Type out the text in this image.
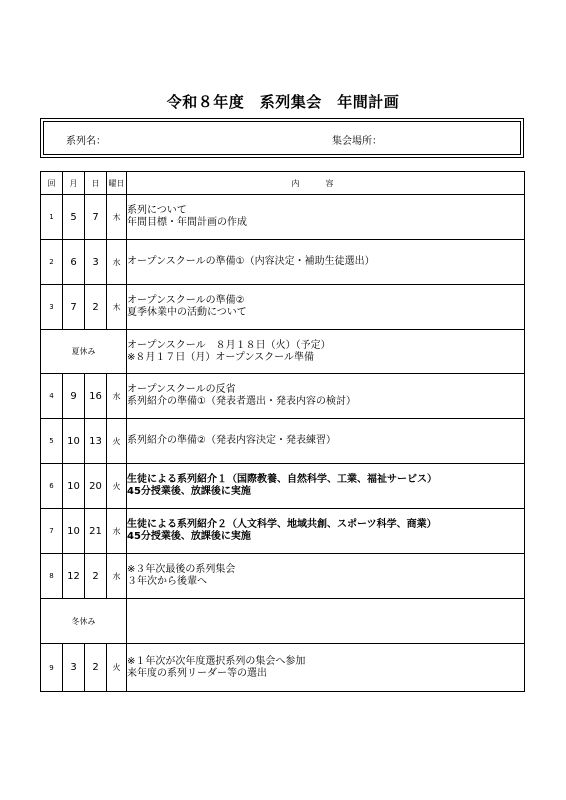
令和８年度　系列集会　年間計画
系列名：	集会場所：
回	月	日	曜日	内容
1	5	7	木	系列について
年間目標・年間計画の作成

2	6	3	水	オープンスクールの準備①（内容決定・補助生徒選出）

3	7	2	木	オープンスクールの準備②
夏季休業中の活動について

夏休み				オープンスクール　８月１８日（火）（予定）
※８月１７日（月）オープンスクール準備

4	9	16	水	オープンスクールの反省
系列紹介の準備①（発表者選出・発表内容の検討）

5	10	13	火	系列紹介の準備②（発表内容決定・発表練習）

6	10	20	火	生徒による系列紹介１（国際教養、自然科学、工業、福祉サービス）
45分授業後、放課後に実施

7	10	21	水	生徒による系列紹介２（人文科学、地域共創、スポーツ科学、商業）
45分授業後、放課後に実施

8	12	2	水	※３年次最後の系列集会
３年次から後輩へ

冬休み				
9	3	2	火	※１年次が次年度選択系列の集会へ参加
来年度の系列リーダー等の選出
